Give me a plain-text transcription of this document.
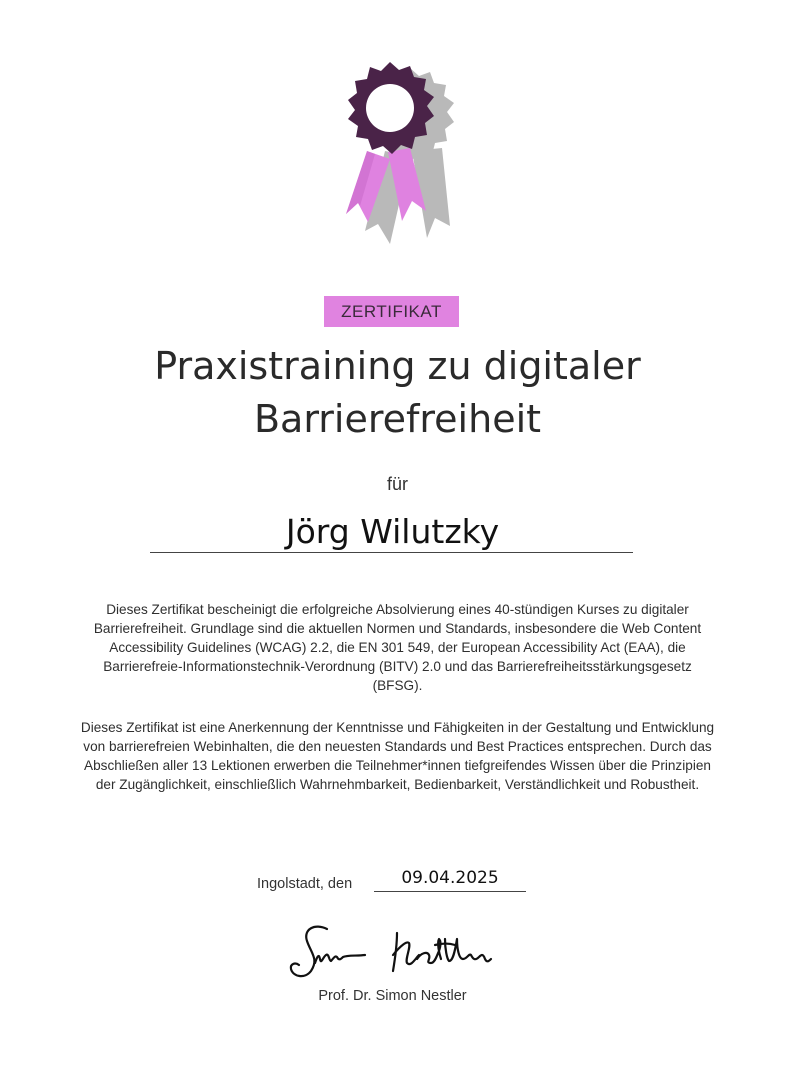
ZERTIFIKAT
Praxistraining zu digitaler
Barrierefreiheit
für
Jörg Wilutzky
Dieses Zertifikat bescheinigt die erfolgreiche Absolvierung eines 40-stündigen Kurses zu digitaler Barrierefreiheit. Grundlage sind die aktuellen Normen und Standards, insbesondere die Web Content Accessibility Guidelines (WCAG) 2.2, die EN 301 549, der European Accessibility Act (EAA), die Barrierefreie-Informationstechnik-Verordnung (BITV) 2.0 und das Barrierefreiheitsstärkungsgesetz (BFSG).
Dieses Zertifikat ist eine Anerkennung der Kenntnisse und Fähigkeiten in der Gestaltung und Entwicklung von barrierefreien Webinhalten, die den neuesten Standards und Best Practices entsprechen. Durch das Abschließen aller 13 Lektionen erwerben die Teilnehmer*innen tiefgreifendes Wissen über die Prinzipien der Zugänglichkeit, einschließlich Wahrnehmbarkeit, Bedienbarkeit, Verständlichkeit und Robustheit.
Ingolstadt, den	09.04.2025
Prof. Dr. Simon Nestler
